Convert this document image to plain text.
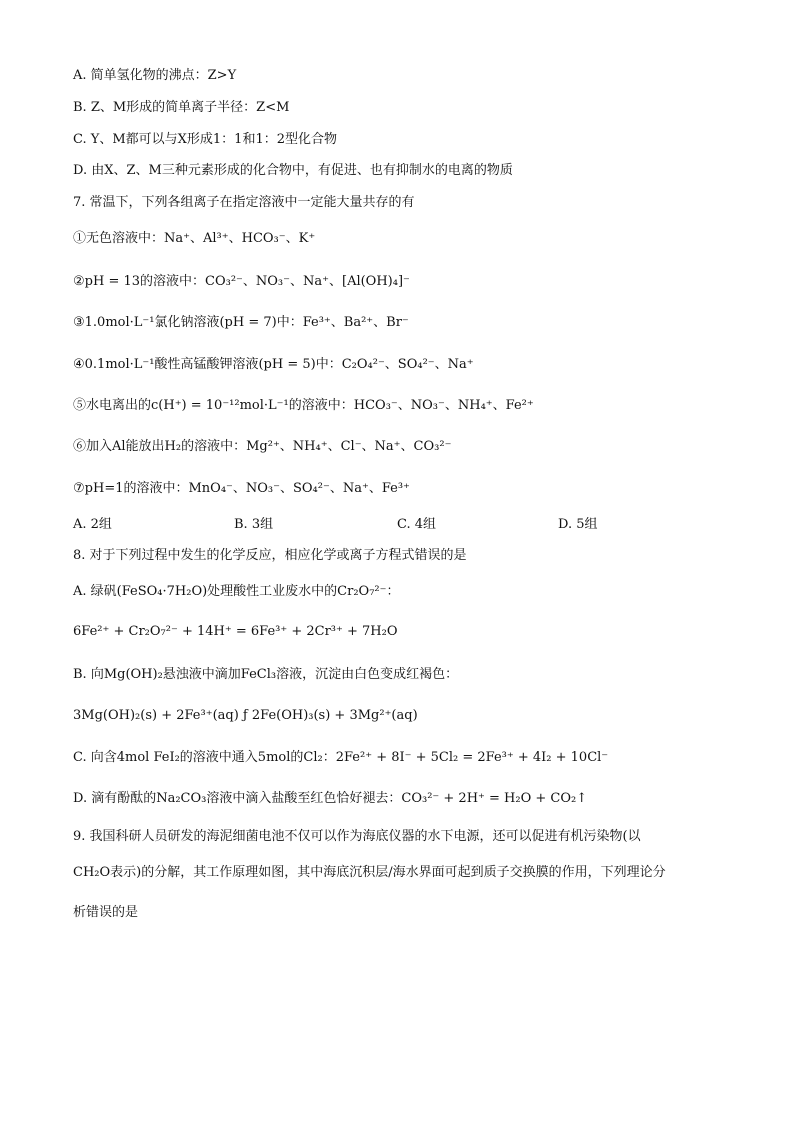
A. 简单氢化物的沸点：Z>Y
B. Z、M形成的简单离子半径：Z<M
C. Y、M都可以与X形成1：1和1：2型化合物
D. 由X、Z、M三种元素形成的化合物中，有促进、也有抑制水的电离的物质
7. 常温下，下列各组离子在指定溶液中一定能大量共存的有
①无色溶液中：Na⁺、Al³⁺、HCO₃⁻、K⁺
②pH = 13的溶液中：CO₃²⁻、NO₃⁻、Na⁺、[Al(OH)₄]⁻
③1.0mol·L⁻¹氯化钠溶液(pH = 7)中：Fe³⁺、Ba²⁺、Br⁻
④0.1mol·L⁻¹酸性高锰酸钾溶液(pH = 5)中：C₂O₄²⁻、SO₄²⁻、Na⁺
⑤水电离出的c(H⁺) = 10⁻¹²mol·L⁻¹的溶液中：HCO₃⁻、NO₃⁻、NH₄⁺、Fe²⁺
⑥加入Al能放出H₂的溶液中：Mg²⁺、NH₄⁺、Cl⁻、Na⁺、CO₃²⁻
⑦pH=1的溶液中：MnO₄⁻、NO₃⁻、SO₄²⁻、Na⁺、Fe³⁺
A. 2组	B. 3组	C. 4组	D. 5组
8. 对于下列过程中发生的化学反应，相应化学或离子方程式错误的是
A. 绿矾(FeSO₄·7H₂O)处理酸性工业废水中的Cr₂O₇²⁻：
6Fe²⁺ + Cr₂O₇²⁻ + 14H⁺ = 6Fe³⁺ + 2Cr³⁺ + 7H₂O
B. 向Mg(OH)₂悬浊液中滴加FeCl₃溶液，沉淀由白色变成红褐色：
3Mg(OH)₂(s) + 2Fe³⁺(aq) ƒ 2Fe(OH)₃(s) + 3Mg²⁺(aq)
C. 向含4mol FeI₂的溶液中通入5mol的Cl₂：2Fe²⁺ + 8I⁻ + 5Cl₂ = 2Fe³⁺ + 4I₂ + 10Cl⁻
D. 滴有酚酞的Na₂CO₃溶液中滴入盐酸至红色恰好褪去：CO₃²⁻ + 2H⁺ = H₂O + CO₂↑
9. 我国科研人员研发的海泥细菌电池不仅可以作为海底仪器的水下电源，还可以促进有机污染物(以
CH₂O表示)的分解，其工作原理如图，其中海底沉积层/海水界面可起到质子交换膜的作用，下列理论分
析错误的是
